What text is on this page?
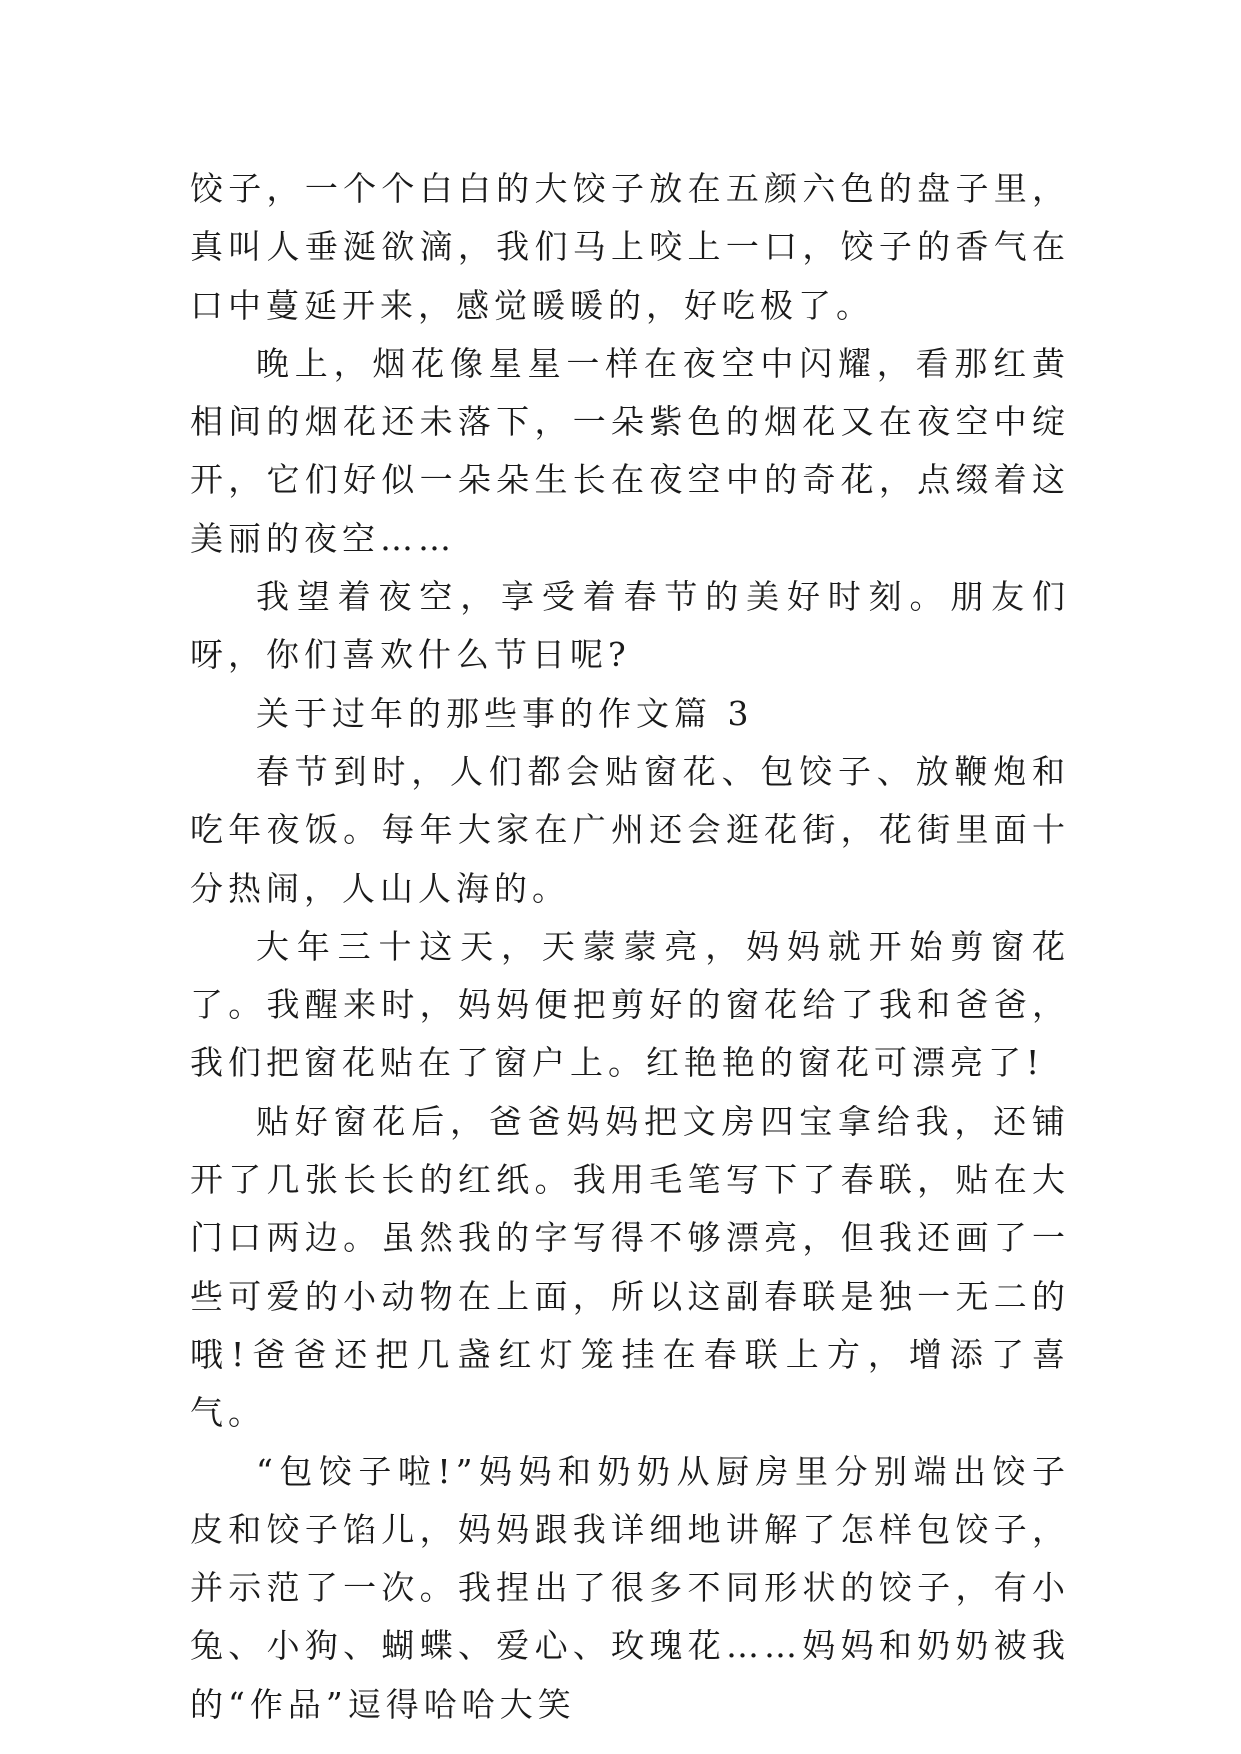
饺子，一个个白白的大饺子放在五颜六色的盘子里，真叫人垂涎欲滴，我们马上咬上一口，饺子的香气在口中蔓延开来，感觉暖暖的，好吃极了。

晚上，烟花像星星一样在夜空中闪耀，看那红黄相间的烟花还未落下，一朵紫色的烟花又在夜空中绽开，它们好似一朵朵生长在夜空中的奇花，点缀着这美丽的夜空……

我望着夜空，享受着春节的美好时刻。朋友们呀，你们喜欢什么节日呢?

关于过年的那些事的作文篇 3

春节到时，人们都会贴窗花、包饺子、放鞭炮和吃年夜饭。每年大家在广州还会逛花街，花街里面十分热闹，人山人海的。

大年三十这天，天蒙蒙亮，妈妈就开始剪窗花了。我醒来时，妈妈便把剪好的窗花给了我和爸爸，我们把窗花贴在了窗户上。红艳艳的窗花可漂亮了!

贴好窗花后，爸爸妈妈把文房四宝拿给我，还铺开了几张长长的红纸。我用毛笔写下了春联，贴在大门口两边。虽然我的字写得不够漂亮，但我还画了一些可爱的小动物在上面，所以这副春联是独一无二的哦!爸爸还把几盏红灯笼挂在春联上方，增添了喜气。

“包饺子啦!”妈妈和奶奶从厨房里分别端出饺子皮和饺子馅儿，妈妈跟我详细地讲解了怎样包饺子，并示范了一次。我捏出了很多不同形状的饺子，有小兔、小狗、蝴蝶、爱心、玫瑰花……妈妈和奶奶被我的“作品”逗得哈哈大笑
